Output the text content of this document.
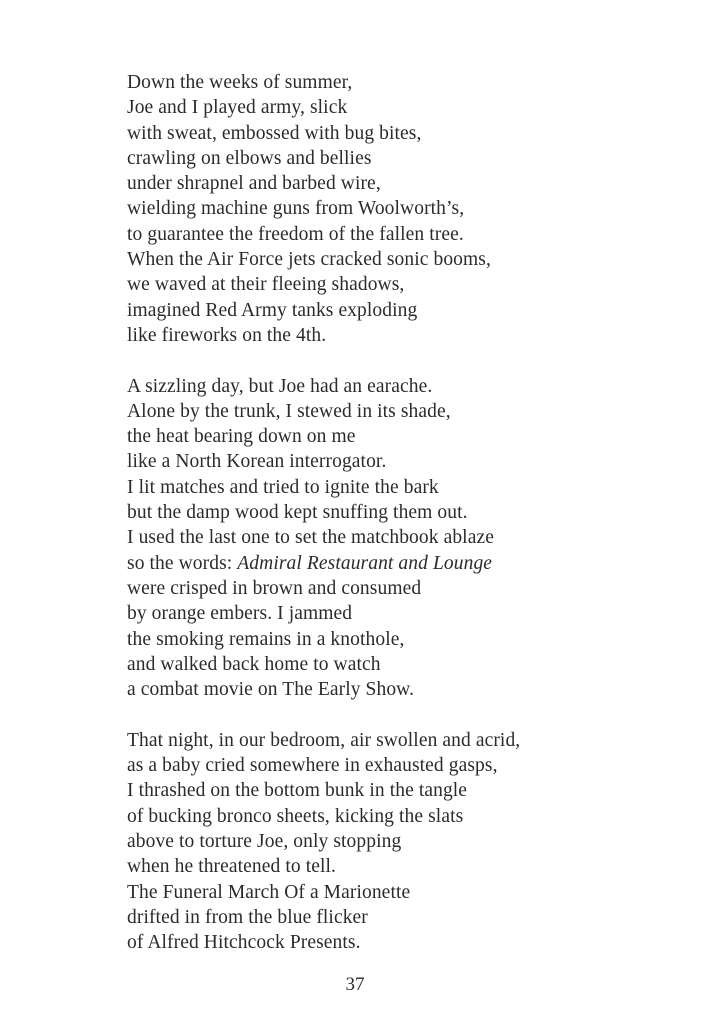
Down the weeks of summer,
Joe and I played army, slick
with sweat, embossed with bug bites,
crawling on elbows and bellies
under shrapnel and barbed wire,
wielding machine guns from Woolworth’s,
to guarantee the freedom of the fallen tree.
When the Air Force jets cracked sonic booms,
we waved at their fleeing shadows,
imagined Red Army tanks exploding
like fireworks on the 4th.
A sizzling day, but Joe had an earache.
Alone by the trunk, I stewed in its shade,
the heat bearing down on me
like a North Korean interrogator.
I lit matches and tried to ignite the bark
but the damp wood kept snuffing them out.
I used the last one to set the matchbook ablaze
so the words: Admiral Restaurant and Lounge
were crisped in brown and consumed
by orange embers. I jammed
the smoking remains in a knothole,
and walked back home to watch
a combat movie on The Early Show.
That night, in our bedroom, air swollen and acrid,
as a baby cried somewhere in exhausted gasps,
I thrashed on the bottom bunk in the tangle
of bucking bronco sheets, kicking the slats
above to torture Joe, only stopping
when he threatened to tell.
The Funeral March Of a Marionette
drifted in from the blue flicker
of Alfred Hitchcock Presents.
37
